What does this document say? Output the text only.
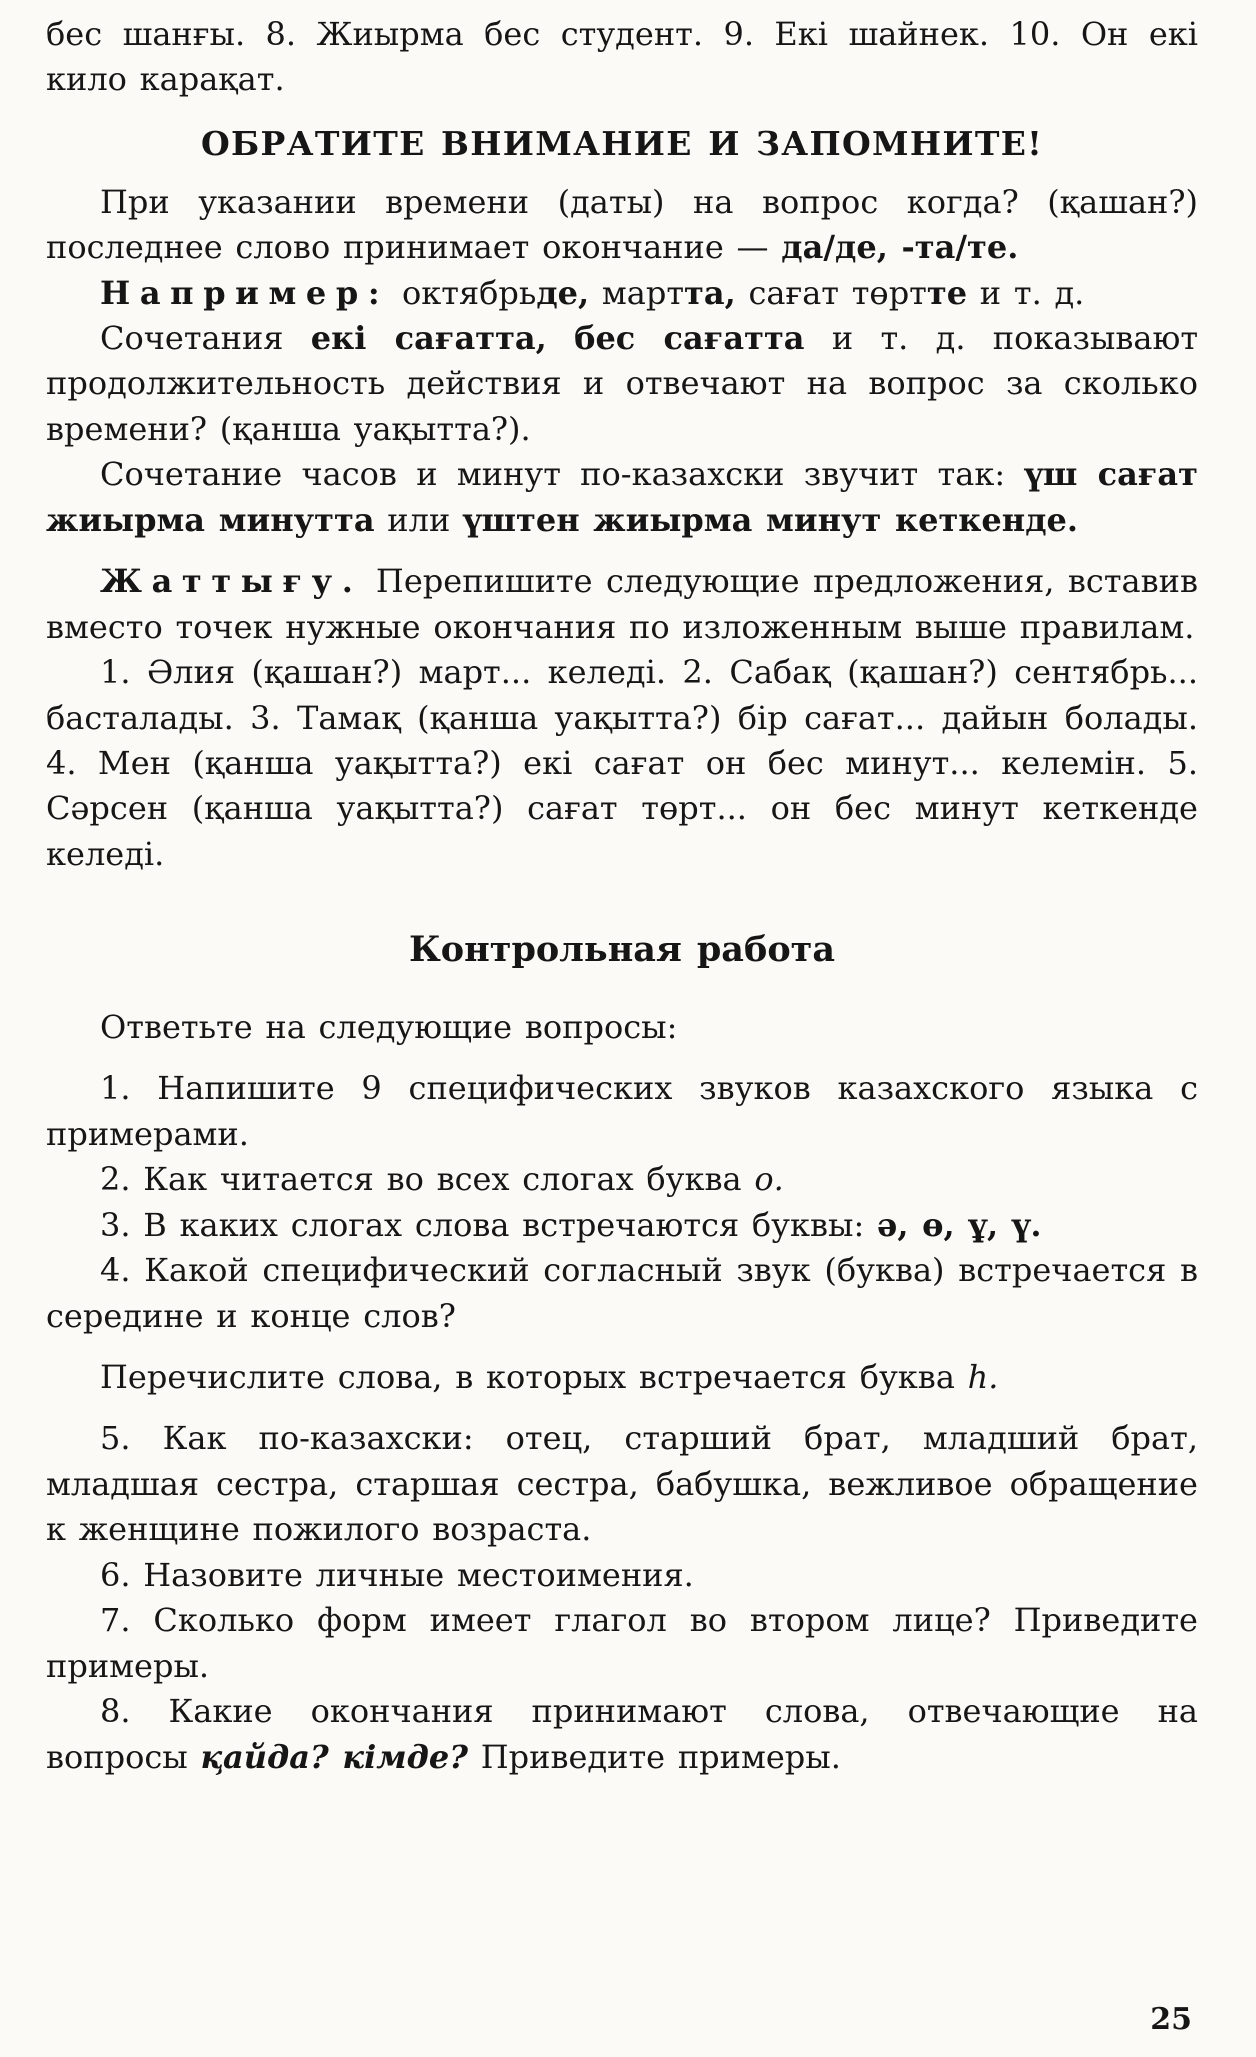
бес шанғы. 8. Жиырма бес студент. 9. Екі шайнек. 10. Он екі кило карақат.

ОБРАТИТЕ ВНИМАНИЕ И ЗАПОМНИТЕ!

При указании времени (даты) на вопрос когда? (қашан?) последнее слово принимает окончание — да/де, -та/те.

Например: октябрьде, мартта, сағат төртте и т. д.

Сочетания екі сағатта, бес сағатта и т. д. показывают продолжительность действия и отвечают на вопрос за сколько времени? (қанша уақытта?).

Сочетание часов и минут по-казахски звучит так: үш сағат жиырма минутта или үштен жиырма минут кеткенде.

Жаттығу. Перепишите следующие предложения, вставив вместо точек нужные окончания по изложенным выше правилам.

1. Әлия (қашан?) март... келеді. 2. Сабақ (қашан?) сентябрь... басталады. 3. Тамақ (қанша уақытта?) бір сағат... дайын болады. 4. Мен (қанша уақытта?) екі сағат он бес минут... келемін. 5. Сәрсен (қанша уақытта?) сағат төрт... он бес минут кеткенде келеді.

Контрольная работа

Ответьте на следующие вопросы:

1. Напишите 9 специфических звуков казахского языка с примерами.

2. Как читается во всех слогах буква о.

3. В каких слогах слова встречаются буквы: ә, ө, ұ, ү.

4. Какой специфический согласный звук (буква) встречается в середине и конце слов?

Перечислите слова, в которых встречается буква h.

5. Как по-казахски: отец, старший брат, младший брат, младшая сестра, старшая сестра, бабушка, вежливое обращение к женщине пожилого возраста.

6. Назовите личные местоимения.

7. Сколько форм имеет глагол во втором лице? Приведите примеры.

8. Какие окончания принимают слова, отвечающие на вопросы қайда? кімде? Приведите примеры.

25
